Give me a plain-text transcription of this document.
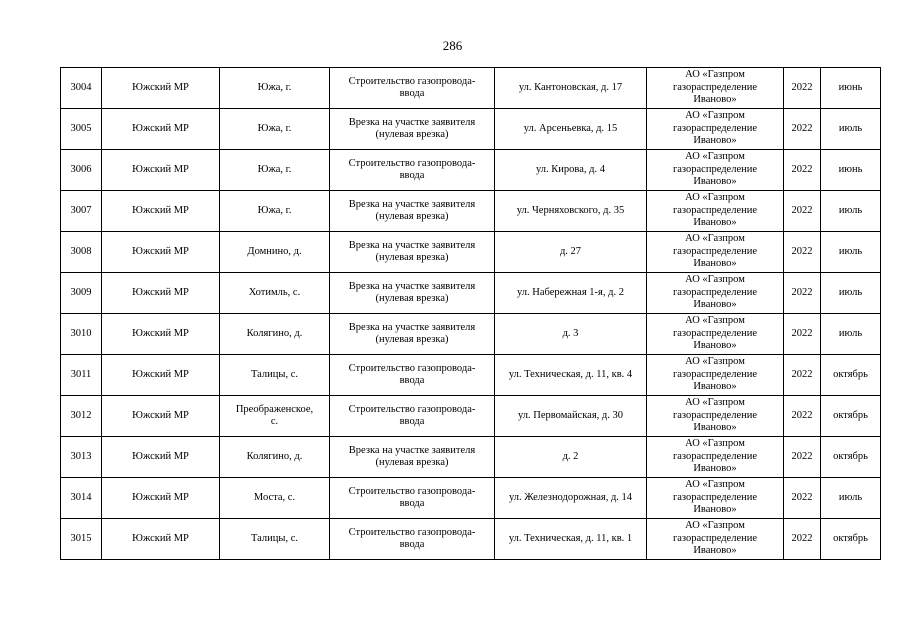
286
3004	Южский МР	Южа, г.	Строительство газопровода-
ввода	ул. Кантоновская, д. 17	АО «Газпром
газораспределение
Иваново»	2022	июнь
3005	Южский МР	Южа, г.	Врезка на участке заявителя
(нулевая врезка)	ул. Арсеньевка, д. 15	АО «Газпром
газораспределение
Иваново»	2022	июль
3006	Южский МР	Южа, г.	Строительство газопровода-
ввода	ул. Кирова, д. 4	АО «Газпром
газораспределение
Иваново»	2022	июнь
3007	Южский МР	Южа, г.	Врезка на участке заявителя
(нулевая врезка)	ул. Черняховского, д. 35	АО «Газпром
газораспределение
Иваново»	2022	июль
3008	Южский МР	Домнино, д.	Врезка на участке заявителя
(нулевая врезка)	д. 27	АО «Газпром
газораспределение
Иваново»	2022	июль
3009	Южский МР	Хотимль, с.	Врезка на участке заявителя
(нулевая врезка)	ул. Набережная 1-я, д. 2	АО «Газпром
газораспределение
Иваново»	2022	июль
3010	Южский МР	Колягино, д.	Врезка на участке заявителя
(нулевая врезка)	д. 3	АО «Газпром
газораспределение
Иваново»	2022	июль
3011	Южский МР	Талицы, с.	Строительство газопровода-
ввода	ул. Техническая, д. 11, кв. 4	АО «Газпром
газораспределение
Иваново»	2022	октябрь
3012	Южский МР	Преображенское,
с.	Строительство газопровода-
ввода	ул. Первомайская, д. 30	АО «Газпром
газораспределение
Иваново»	2022	октябрь
3013	Южский МР	Колягино, д.	Врезка на участке заявителя
(нулевая врезка)	д. 2	АО «Газпром
газораспределение
Иваново»	2022	октябрь
3014	Южский МР	Моста, с.	Строительство газопровода-
ввода	ул. Железнодорожная, д. 14	АО «Газпром
газораспределение
Иваново»	2022	июль
3015	Южский МР	Талицы, с.	Строительство газопровода-
ввода	ул. Техническая, д. 11, кв. 1	АО «Газпром
газораспределение
Иваново»	2022	октябрь
